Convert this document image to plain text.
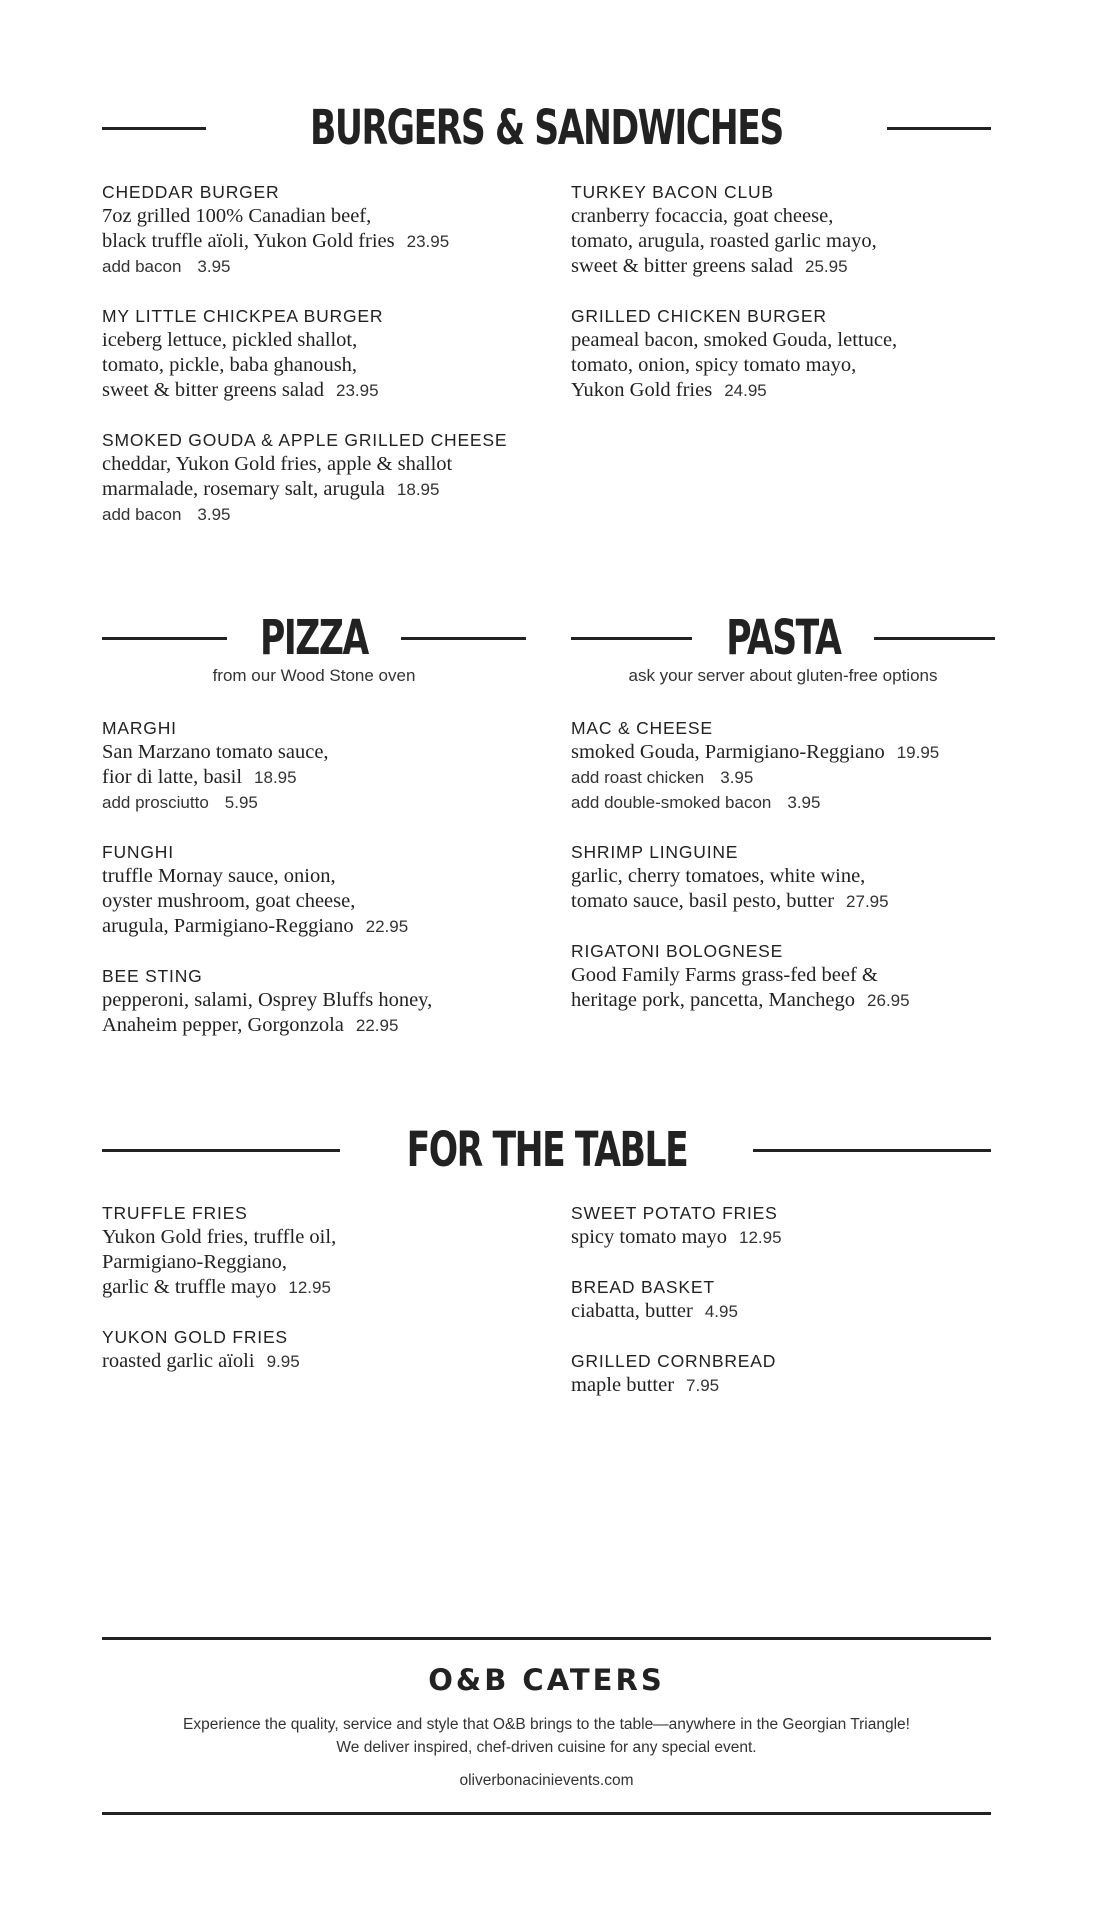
BURGERS & SANDWICHES
CHEDDAR BURGER
7oz grilled 100% Canadian beef,
black truffle aïoli, Yukon Gold fries 23.95
add bacon 3.95
MY LITTLE CHICKPEA BURGER
iceberg lettuce, pickled shallot,
tomato, pickle, baba ghanoush,
sweet & bitter greens salad 23.95
SMOKED GOUDA & APPLE GRILLED CHEESE
cheddar, Yukon Gold fries, apple & shallot
marmalade, rosemary salt, arugula 18.95
add bacon 3.95
TURKEY BACON CLUB
cranberry focaccia, goat cheese,
tomato, arugula, roasted garlic mayo,
sweet & bitter greens salad 25.95
GRILLED CHICKEN BURGER
peameal bacon, smoked Gouda, lettuce,
tomato, onion, spicy tomato mayo,
Yukon Gold fries 24.95
PIZZA
from our Wood Stone oven
MARGHI
San Marzano tomato sauce,
fior di latte, basil 18.95
add prosciutto 5.95
FUNGHI
truffle Mornay sauce, onion,
oyster mushroom, goat cheese,
arugula, Parmigiano-Reggiano 22.95
BEE STING
pepperoni, salami, Osprey Bluffs honey,
Anaheim pepper, Gorgonzola 22.95
PASTA
ask your server about gluten-free options
MAC & CHEESE
smoked Gouda, Parmigiano-Reggiano 19.95
add roast chicken 3.95
add double-smoked bacon 3.95
SHRIMP LINGUINE
garlic, cherry tomatoes, white wine,
tomato sauce, basil pesto, butter 27.95
RIGATONI BOLOGNESE
Good Family Farms grass-fed beef &
heritage pork, pancetta, Manchego 26.95
FOR THE TABLE
TRUFFLE FRIES
Yukon Gold fries, truffle oil,
Parmigiano-Reggiano,
garlic & truffle mayo 12.95
YUKON GOLD FRIES
roasted garlic aïoli 9.95
SWEET POTATO FRIES
spicy tomato mayo 12.95
BREAD BASKET
ciabatta, butter 4.95
GRILLED CORNBREAD
maple butter 7.95
O&B CATERS
Experience the quality, service and style that O&B brings to the table—anywhere in the Georgian Triangle!
We deliver inspired, chef-driven cuisine for any special event.
oliverbonacinievents.com
